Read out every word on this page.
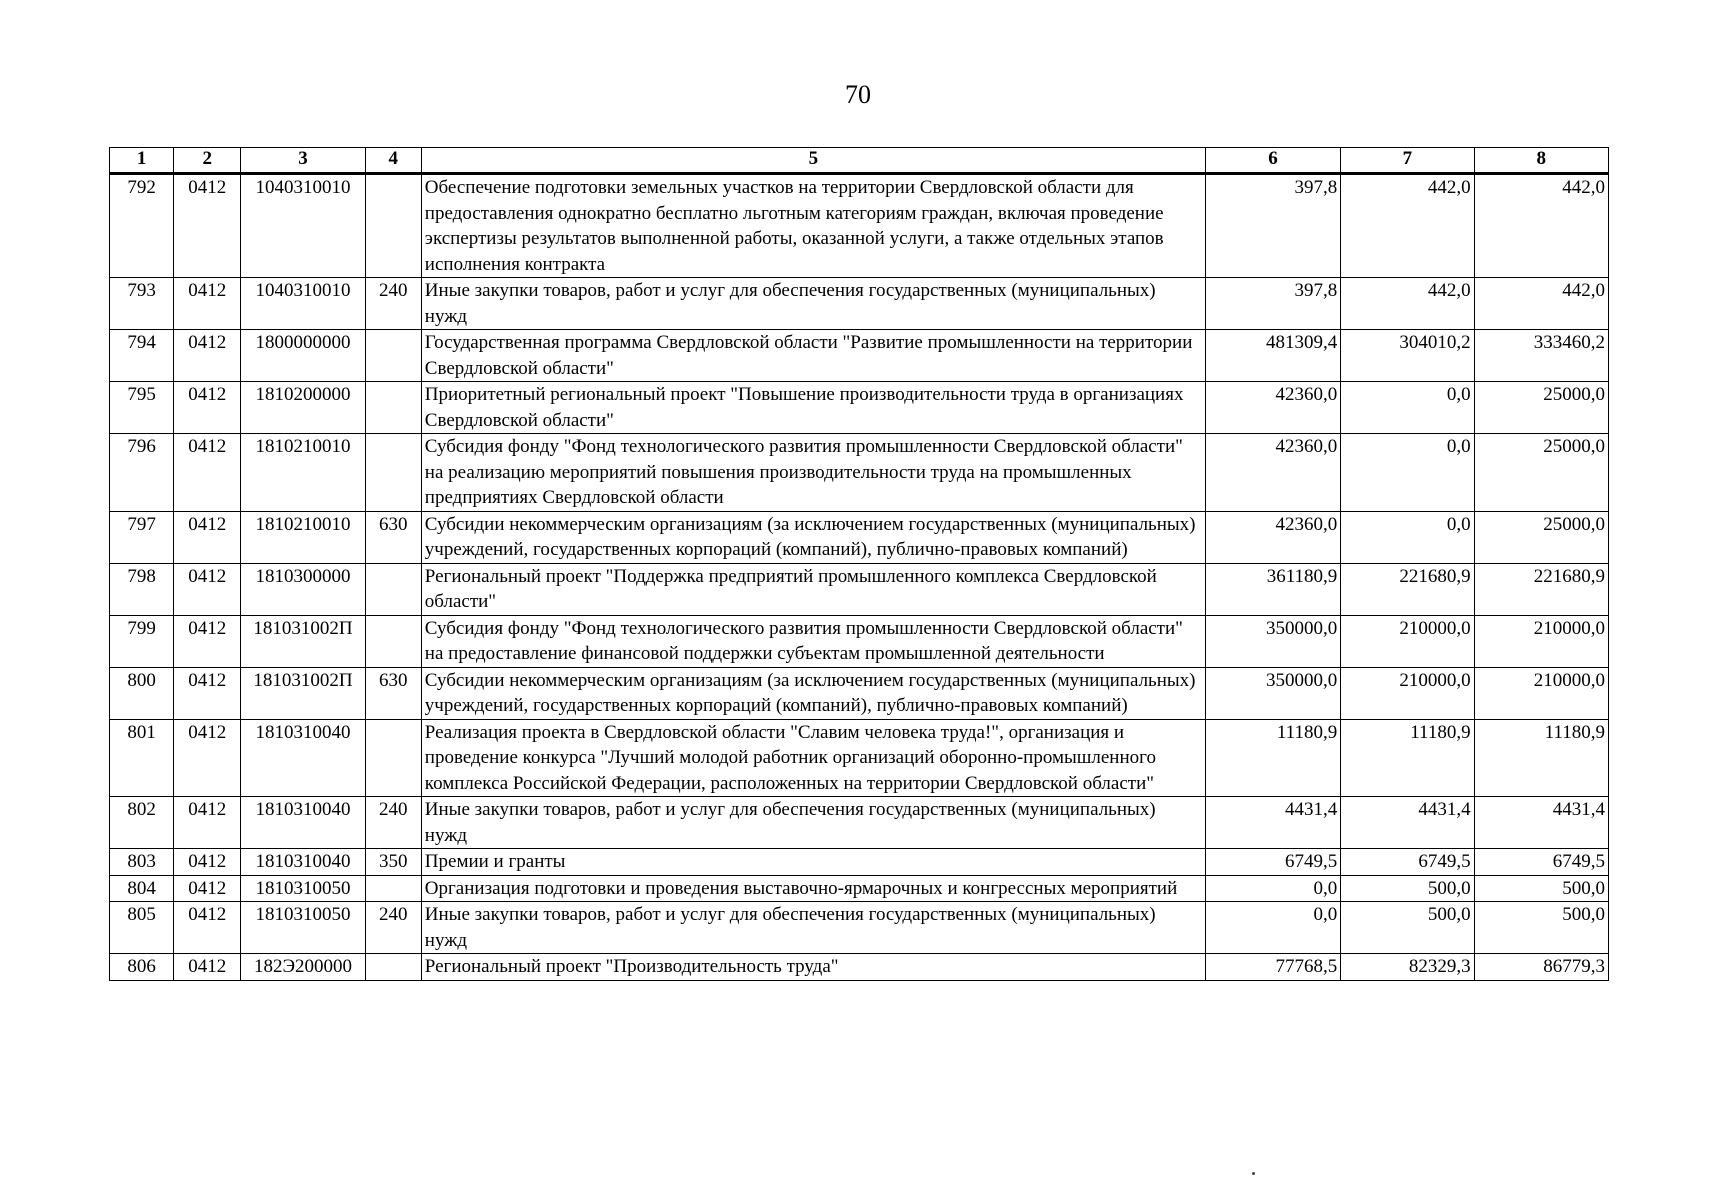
70
1	2	3	4	5	6	7	8
792	0412	1040310010		Обеспечение подготовки земельных участков на территории Свердловской области для предоставления однократно бесплатно льготным категориям граждан, включая проведение экспертизы результатов выполненной работы, оказанной услуги, а также отдельных этапов исполнения контракта	397,8	442,0	442,0
793	0412	1040310010	240	Иные закупки товаров, работ и услуг для обеспечения государственных (муниципальных) нужд	397,8	442,0	442,0
794	0412	1800000000		Государственная программа Свердловской области "Развитие промышленности на территории Свердловской области"	481309,4	304010,2	333460,2
795	0412	1810200000		Приоритетный региональный проект "Повышение производительности труда в организациях Свердловской области"	42360,0	0,0	25000,0
796	0412	1810210010		Субсидия фонду "Фонд технологического развития промышленности Свердловской области" на реализацию мероприятий повышения производительности труда на промышленных предприятиях Свердловской области	42360,0	0,0	25000,0
797	0412	1810210010	630	Субсидии некоммерческим организациям (за исключением государственных (муниципальных) учреждений, государственных корпораций (компаний), публично-правовых компаний)	42360,0	0,0	25000,0
798	0412	1810300000		Региональный проект "Поддержка предприятий промышленного комплекса Свердловской области"	361180,9	221680,9	221680,9
799	0412	181031002П		Субсидия фонду "Фонд технологического развития промышленности Свердловской области" на предоставление финансовой поддержки субъектам промышленной деятельности	350000,0	210000,0	210000,0
800	0412	181031002П	630	Субсидии некоммерческим организациям (за исключением государственных (муниципальных) учреждений, государственных корпораций (компаний), публично-правовых компаний)	350000,0	210000,0	210000,0
801	0412	1810310040		Реализация проекта в Свердловской области "Славим человека труда!", организация и проведение конкурса "Лучший молодой работник организаций оборонно-промышленного комплекса Российской Федерации, расположенных на территории Свердловской области"	11180,9	11180,9	11180,9
802	0412	1810310040	240	Иные закупки товаров, работ и услуг для обеспечения государственных (муниципальных) нужд	4431,4	4431,4	4431,4
803	0412	1810310040	350	Премии и гранты	6749,5	6749,5	6749,5
804	0412	1810310050		Организация подготовки и проведения выставочно-ярмарочных и конгрессных мероприятий	0,0	500,0	500,0
805	0412	1810310050	240	Иные закупки товаров, работ и услуг для обеспечения государственных (муниципальных) нужд	0,0	500,0	500,0
806	0412	182Э200000		Региональный проект "Производительность труда"	77768,5	82329,3	86779,3
